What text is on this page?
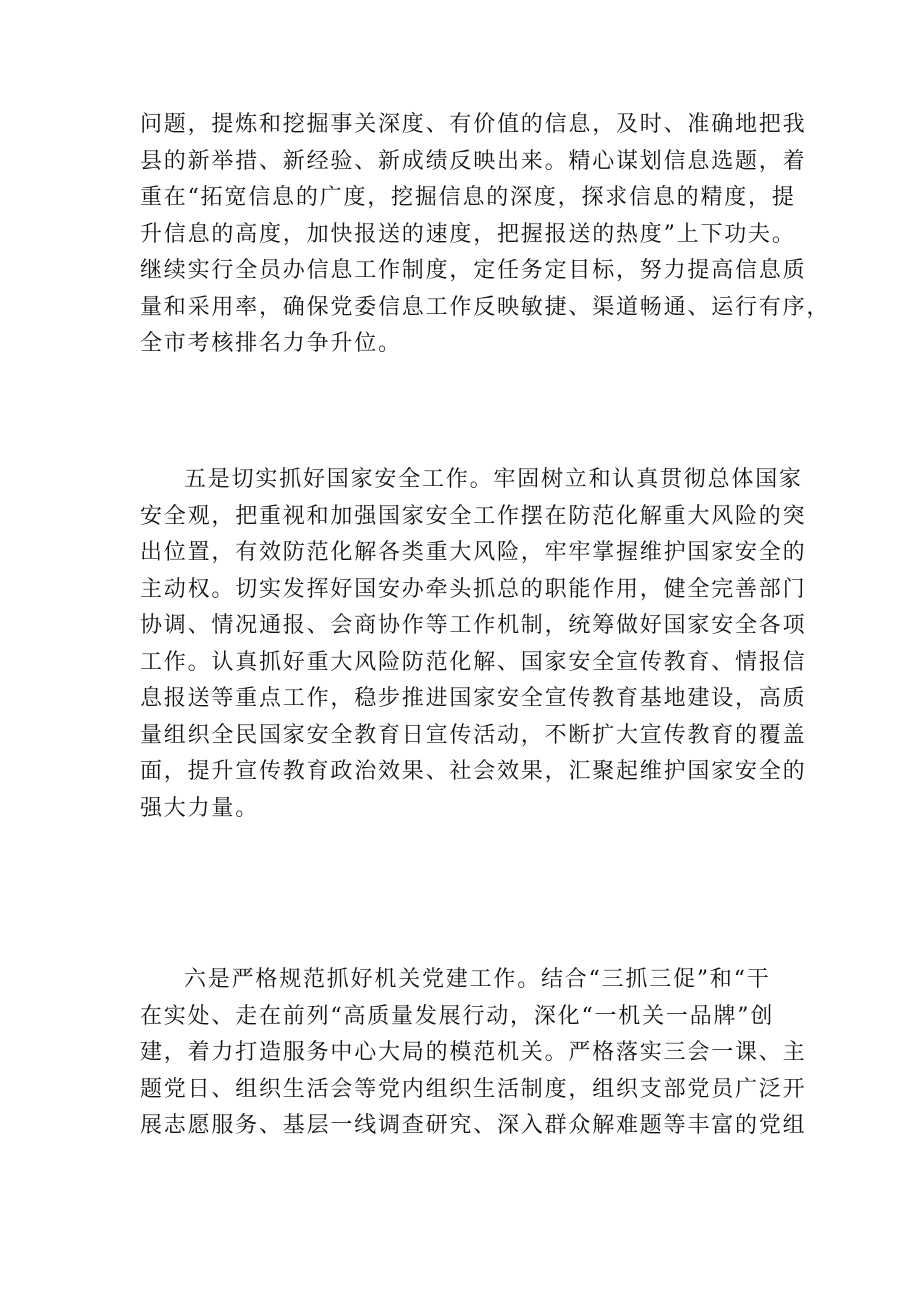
问题，提炼和挖掘事关深度、有价值的信息，及时、准确地把我
县的新举措、新经验、新成绩反映出来。精心谋划信息选题，着
重在“拓宽信息的广度，挖掘信息的深度，探求信息的精度，提
升信息的高度，加快报送的速度，把握报送的热度”上下功夫。
继续实行全员办信息工作制度，定任务定目标，努力提高信息质
量和采用率，确保党委信息工作反映敏捷、渠道畅通、运行有序，
全市考核排名力争升位。
五是切实抓好国家安全工作。牢固树立和认真贯彻总体国家
安全观，把重视和加强国家安全工作摆在防范化解重大风险的突
出位置，有效防范化解各类重大风险，牢牢掌握维护国家安全的
主动权。切实发挥好国安办牵头抓总的职能作用，健全完善部门
协调、情况通报、会商协作等工作机制，统筹做好国家安全各项
工作。认真抓好重大风险防范化解、国家安全宣传教育、情报信
息报送等重点工作，稳步推进国家安全宣传教育基地建设，高质
量组织全民国家安全教育日宣传活动，不断扩大宣传教育的覆盖
面，提升宣传教育政治效果、社会效果，汇聚起维护国家安全的
强大力量。
六是严格规范抓好机关党建工作。结合“三抓三促”和“干
在实处、走在前列“高质量发展行动，深化“一机关一品牌”创
建，着力打造服务中心大局的模范机关。严格落实三会一课、主
题党日、组织生活会等党内组织生活制度，组织支部党员广泛开
展志愿服务、基层一线调查研究、深入群众解难题等丰富的党组
